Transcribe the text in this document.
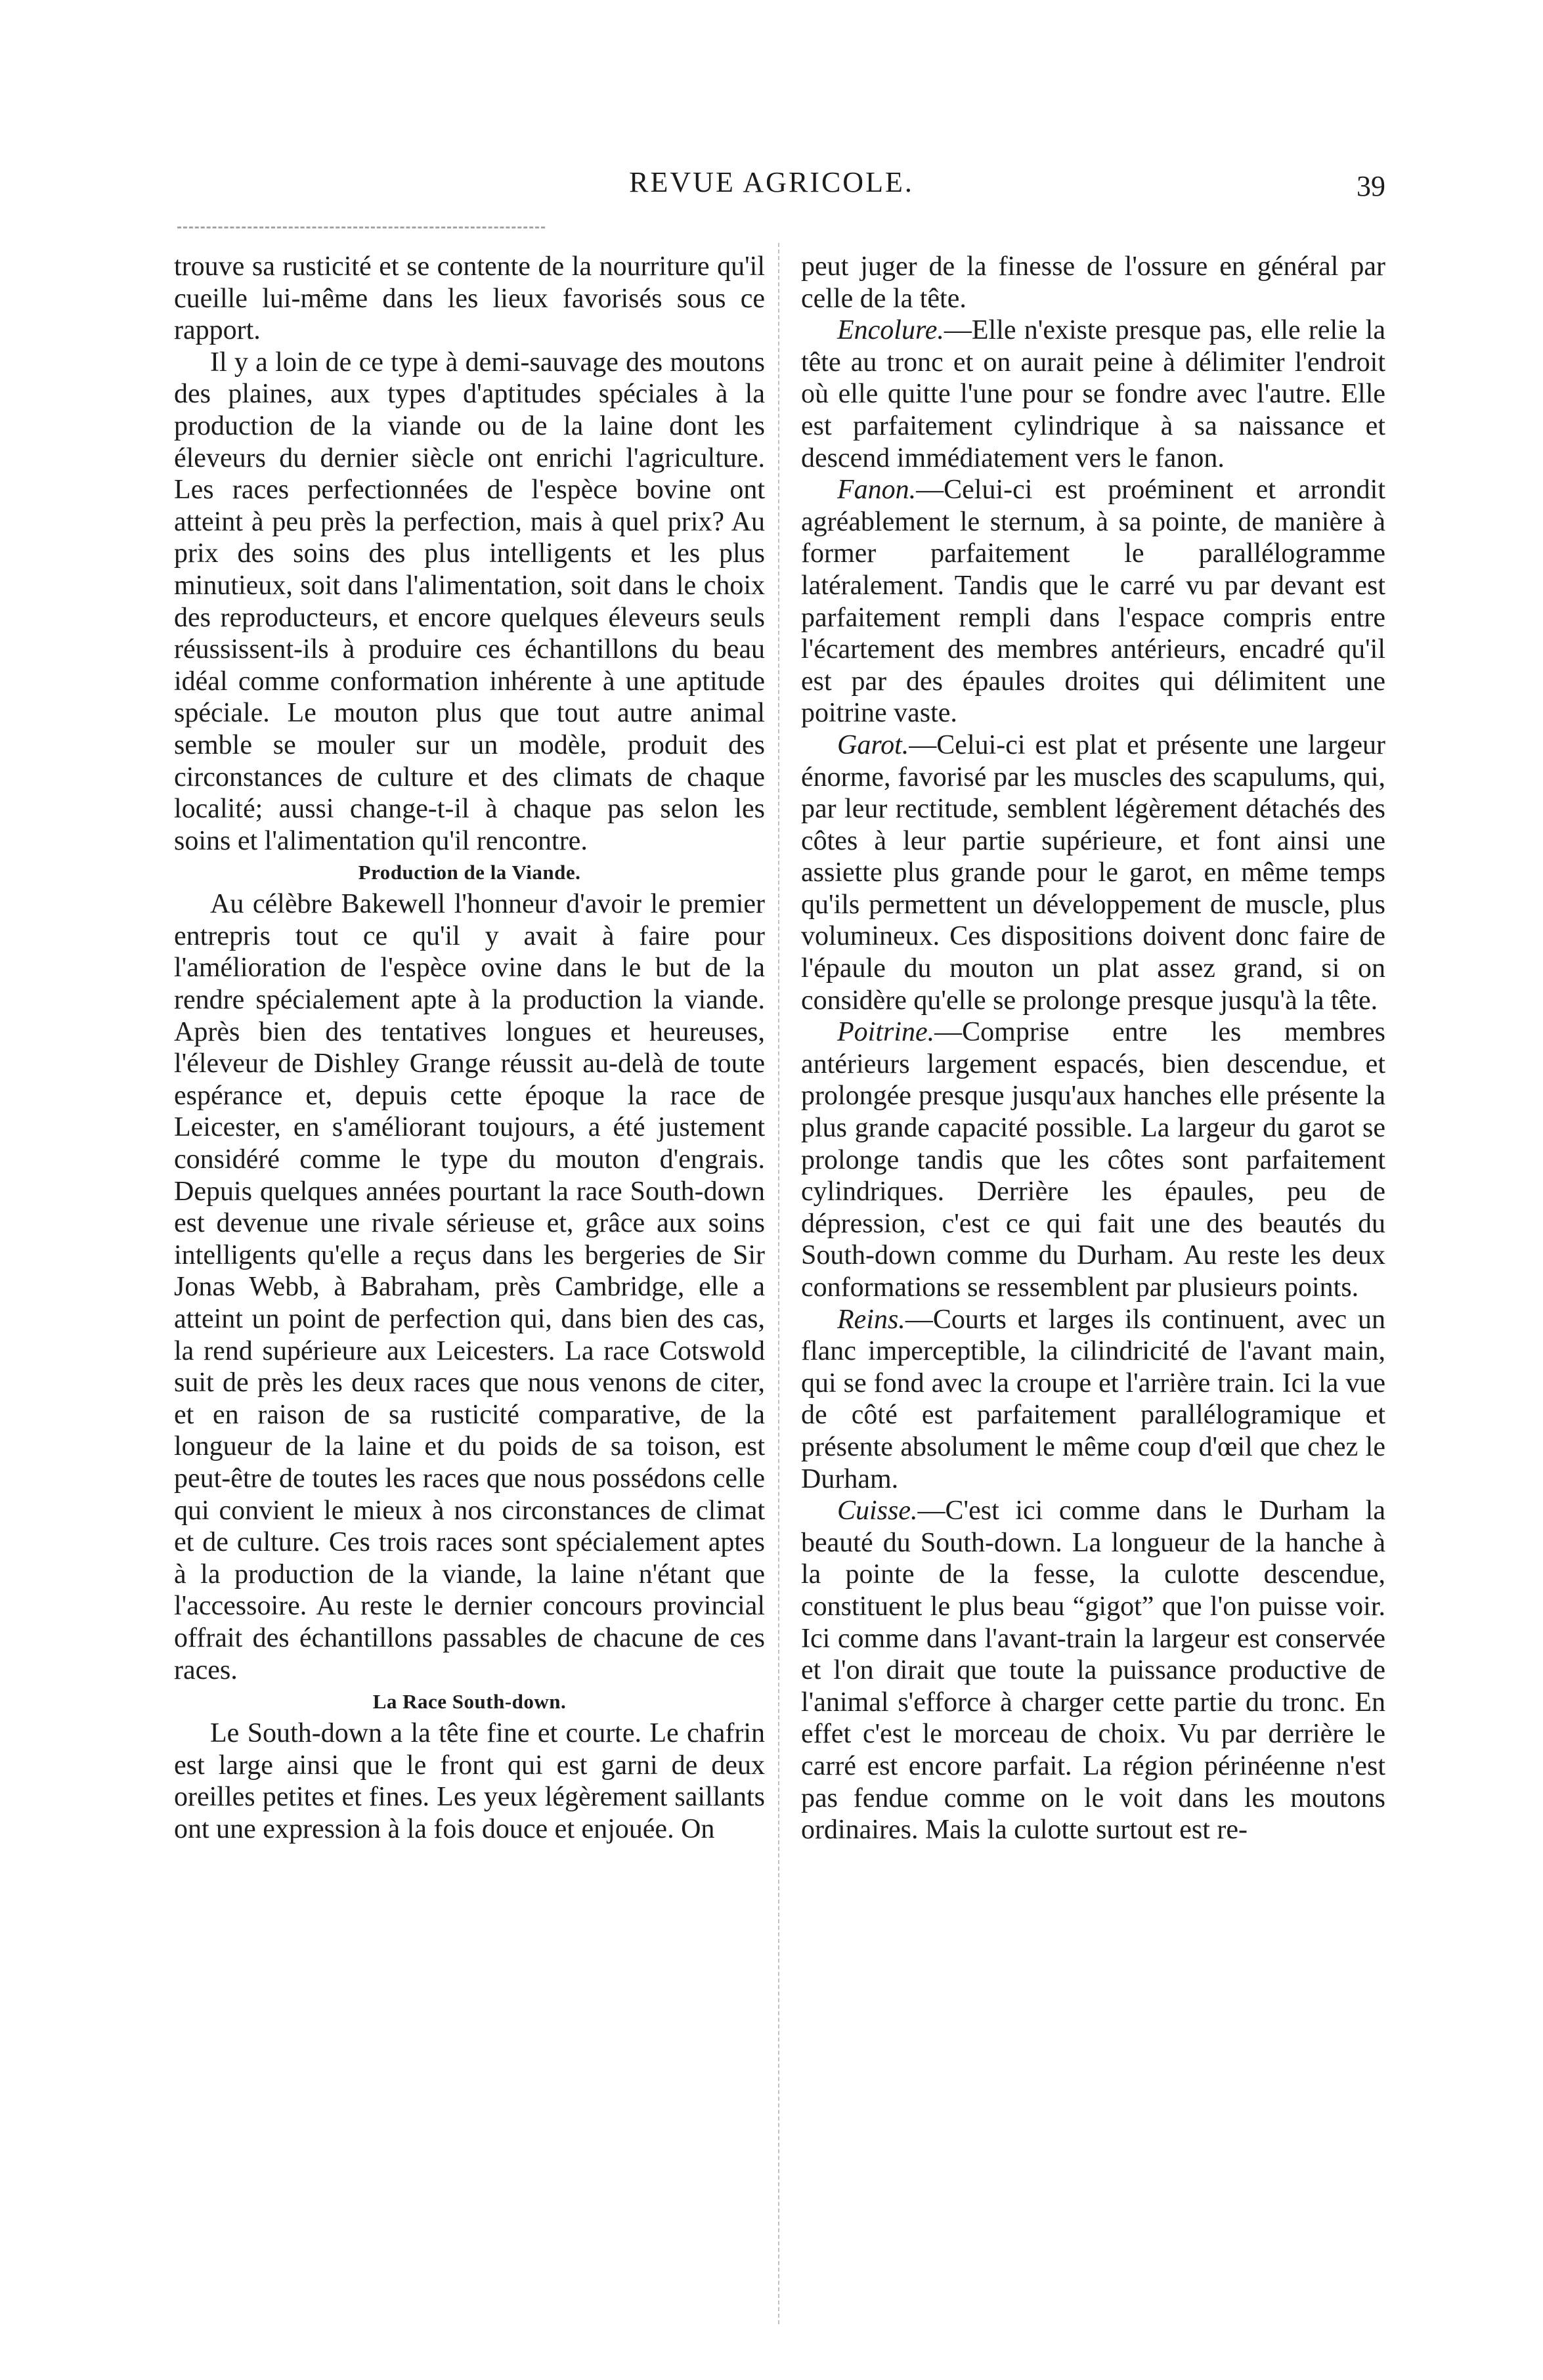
REVUE AGRICOLE.	39

trouve sa rusticité et se contente de la nourriture qu'il cueille lui-même dans les lieux favorisés sous ce rapport.

Il y a loin de ce type à demi-sauvage des moutons des plaines, aux types d'aptitudes spéciales à la production de la viande ou de la laine dont les éleveurs du dernier siècle ont enrichi l'agriculture. Les races perfectionnées de l'espèce bovine ont atteint à peu près la perfection, mais à quel prix? Au prix des soins des plus intelligents et les plus minutieux, soit dans l'alimentation, soit dans le choix des reproducteurs, et encore quelques éleveurs seuls réussissent-ils à produire ces échantillons du beau idéal comme conformation inhérente à une aptitude spéciale. Le mouton plus que tout autre animal semble se mouler sur un modèle, produit des circonstances de culture et des climats de chaque localité; aussi change-t-il à chaque pas selon les soins et l'alimentation qu'il rencontre.

Production de la Viande.

Au célèbre Bakewell l'honneur d'avoir le premier entrepris tout ce qu'il y avait à faire pour l'amélioration de l'espèce ovine dans le but de la rendre spécialement apte à la production la viande. Après bien des tentatives longues et heureuses, l'éleveur de Dishley Grange réussit au-delà de toute espérance et, depuis cette époque la race de Leicester, en s'améliorant toujours, a été justement considéré comme le type du mouton d'engrais. Depuis quelques années pourtant la race South-down est devenue une rivale sérieuse et, grâce aux soins intelligents qu'elle a reçus dans les bergeries de Sir Jonas Webb, à Babraham, près Cambridge, elle a atteint un point de perfection qui, dans bien des cas, la rend supérieure aux Leicesters. La race Cotswold suit de près les deux races que nous venons de citer, et en raison de sa rusticité comparative, de la longueur de la laine et du poids de sa toison, est peut-être de toutes les races que nous possédons celle qui convient le mieux à nos circonstances de climat et de culture. Ces trois races sont spécialement aptes à la production de la viande, la laine n'étant que l'accessoire. Au reste le dernier concours provincial offrait des échantillons passables de chacune de ces races.

La Race South-down.

Le South-down a la tête fine et courte. Le chafrin est large ainsi que le front qui est garni de deux oreilles petites et fines. Les yeux légèrement saillants ont une expression à la fois douce et enjouée. On

peut juger de la finesse de l'ossure en général par celle de la tête.

Encolure.—Elle n'existe presque pas, elle relie la tête au tronc et on aurait peine à délimiter l'endroit où elle quitte l'une pour se fondre avec l'autre. Elle est parfaitement cylindrique à sa naissance et descend immédiatement vers le fanon.

Fanon.—Celui-ci est proéminent et arrondit agréablement le sternum, à sa pointe, de manière à former parfaitement le parallélogramme latéralement. Tandis que le carré vu par devant est parfaitement rempli dans l'espace compris entre l'écartement des membres antérieurs, encadré qu'il est par des épaules droites qui délimitent une poitrine vaste.

Garot.—Celui-ci est plat et présente une largeur énorme, favorisé par les muscles des scapulums, qui, par leur rectitude, semblent légèrement détachés des côtes à leur partie supérieure, et font ainsi une assiette plus grande pour le garot, en même temps qu'ils permettent un développement de muscle, plus volumineux. Ces dispositions doivent donc faire de l'épaule du mouton un plat assez grand, si on considère qu'elle se prolonge presque jusqu'à la tête.

Poitrine.—Comprise entre les membres antérieurs largement espacés, bien descendue, et prolongée presque jusqu'aux hanches elle présente la plus grande capacité possible. La largeur du garot se prolonge tandis que les côtes sont parfaitement cylindriques. Derrière les épaules, peu de dépression, c'est ce qui fait une des beautés du South-down comme du Durham. Au reste les deux conformations se ressemblent par plusieurs points.

Reins.—Courts et larges ils continuent, avec un flanc imperceptible, la cilindricité de l'avant main, qui se fond avec la croupe et l'arrière train. Ici la vue de côté est parfaitement parallélogramique et présente absolument le même coup d'œil que chez le Durham.

Cuisse.—C'est ici comme dans le Durham la beauté du South-down. La longueur de la hanche à la pointe de la fesse, la culotte descendue, constituent le plus beau “gigot” que l'on puisse voir. Ici comme dans l'avant-train la largeur est conservée et l'on dirait que toute la puissance productive de l'animal s'efforce à charger cette partie du tronc. En effet c'est le morceau de choix. Vu par derrière le carré est encore parfait. La région périnéenne n'est pas fendue comme on le voit dans les moutons ordinaires. Mais la culotte surtout est re-
